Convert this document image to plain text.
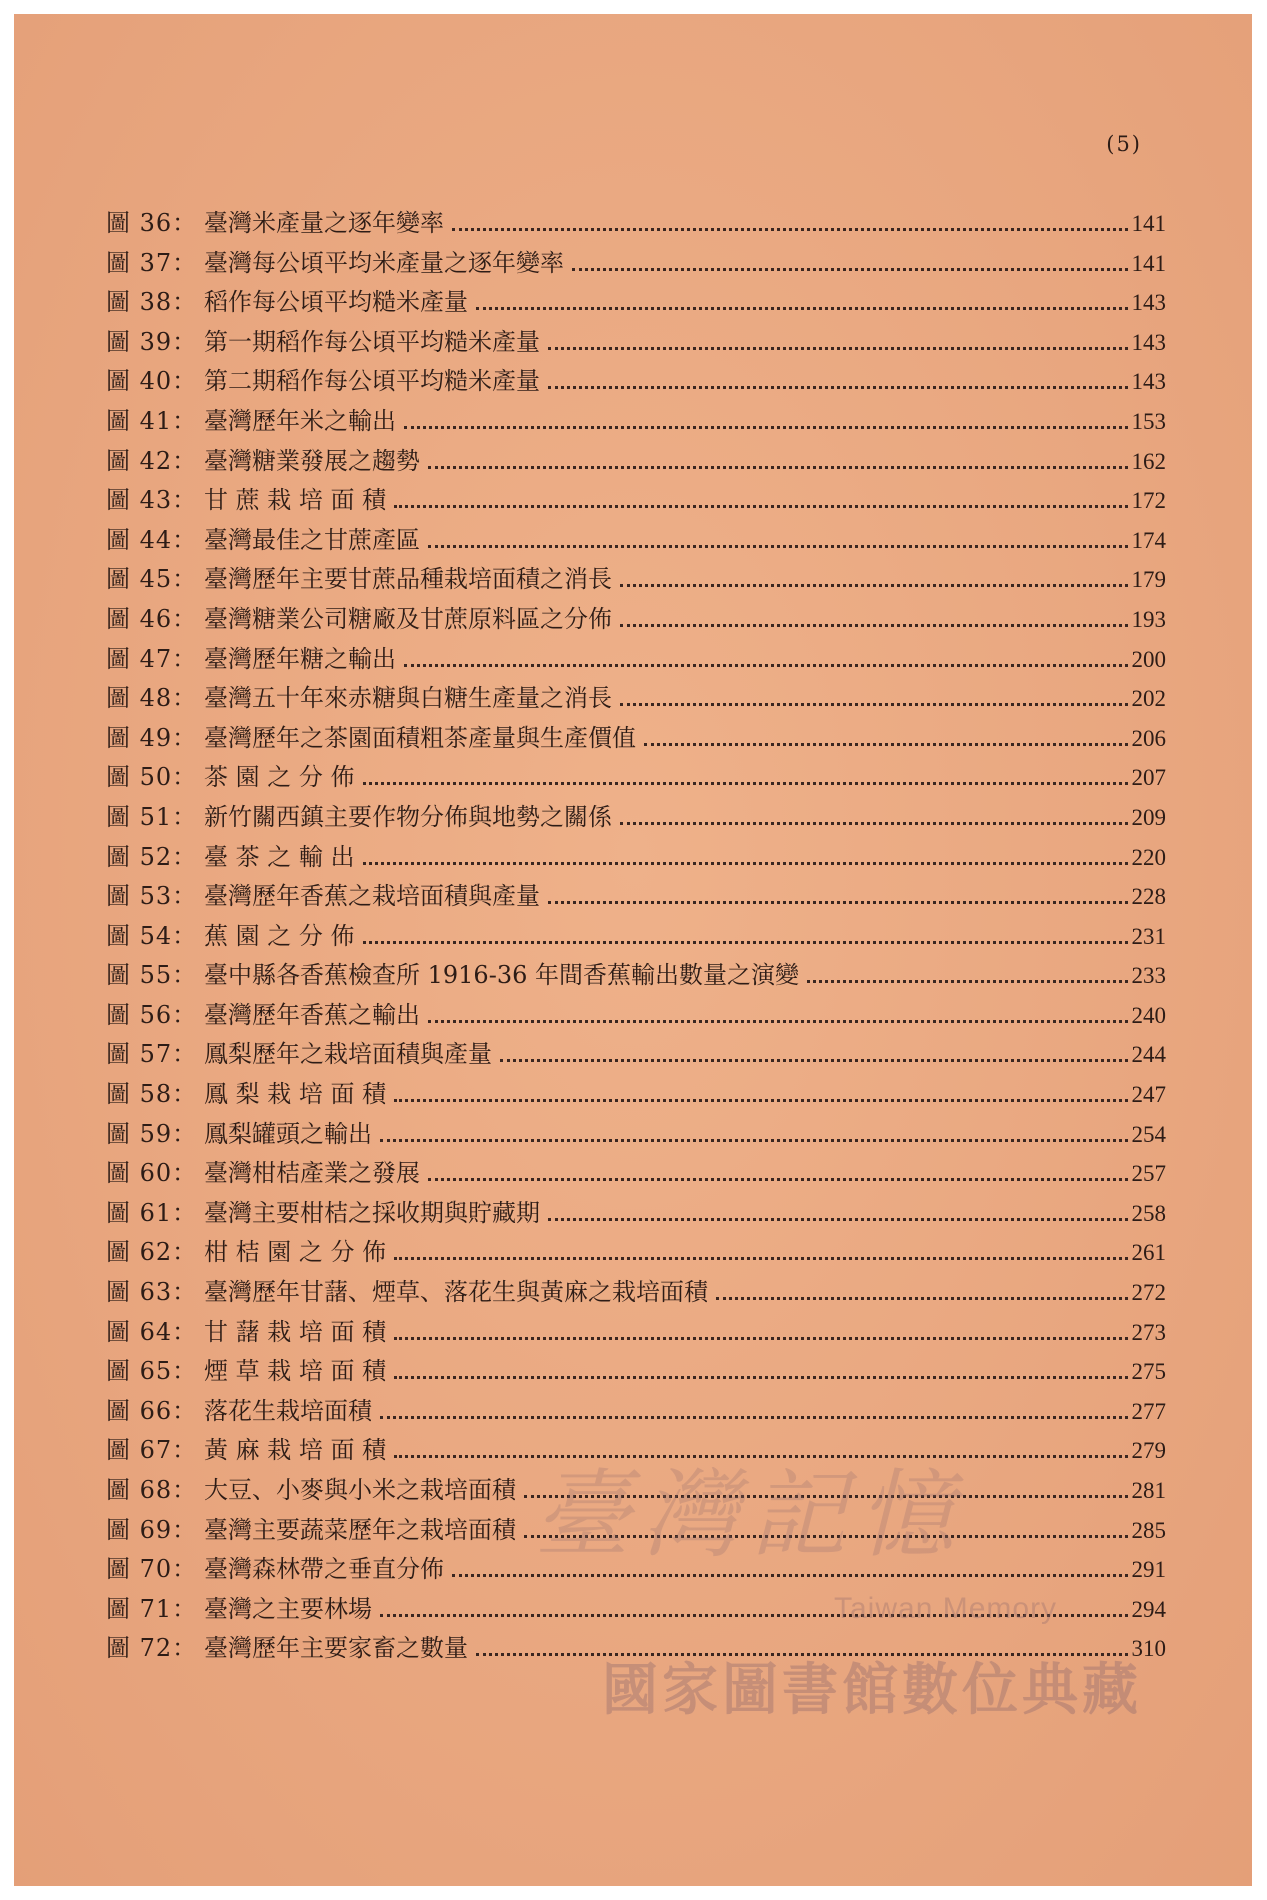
(5)
圖 36： 臺灣米產量之逐年變率	141
圖 37： 臺灣每公頃平均米產量之逐年變率	141
圖 38： 稻作每公頃平均糙米產量	143
圖 39： 第一期稻作每公頃平均糙米產量	143
圖 40： 第二期稻作每公頃平均糙米產量	143
圖 41： 臺灣歷年米之輸出	153
圖 42： 臺灣糖業發展之趨勢	162
圖 43： 甘 蔗 栽 培 面 積	172
圖 44： 臺灣最佳之甘蔗產區	174
圖 45： 臺灣歷年主要甘蔗品種栽培面積之消長	179
圖 46： 臺灣糖業公司糖廠及甘蔗原料區之分佈	193
圖 47： 臺灣歷年糖之輸出	200
圖 48： 臺灣五十年來赤糖與白糖生產量之消長	202
圖 49： 臺灣歷年之茶園面積粗茶產量與生產價值	206
圖 50： 茶 園 之 分 佈	207
圖 51： 新竹關西鎮主要作物分佈與地勢之關係	209
圖 52： 臺 茶 之 輸 出	220
圖 53： 臺灣歷年香蕉之栽培面積與產量	228
圖 54： 蕉 園 之 分 佈	231
圖 55： 臺中縣各香蕉檢查所 1916-36 年間香蕉輸出數量之演變	233
圖 56： 臺灣歷年香蕉之輸出	240
圖 57： 鳳梨歷年之栽培面積與產量	244
圖 58： 鳳 梨 栽 培 面 積	247
圖 59： 鳳梨罐頭之輸出	254
圖 60： 臺灣柑桔產業之發展	257
圖 61： 臺灣主要柑桔之採收期與貯藏期	258
圖 62： 柑 桔 園 之 分 佈	261
圖 63： 臺灣歷年甘藷、煙草、落花生與黃麻之栽培面積	272
圖 64： 甘 藷 栽 培 面 積	273
圖 65： 煙 草 栽 培 面 積	275
圖 66： 落花生栽培面積	277
圖 67： 黃 麻 栽 培 面 積	279
圖 68： 大豆、小麥與小米之栽培面積	281
圖 69： 臺灣主要蔬菜歷年之栽培面積	285
圖 70： 臺灣森林帶之垂直分佈	291
圖 71： 臺灣之主要林場	294
圖 72： 臺灣歷年主要家畜之數量	310
臺灣記憶
Taiwan Memory
國家圖書館數位典藏
